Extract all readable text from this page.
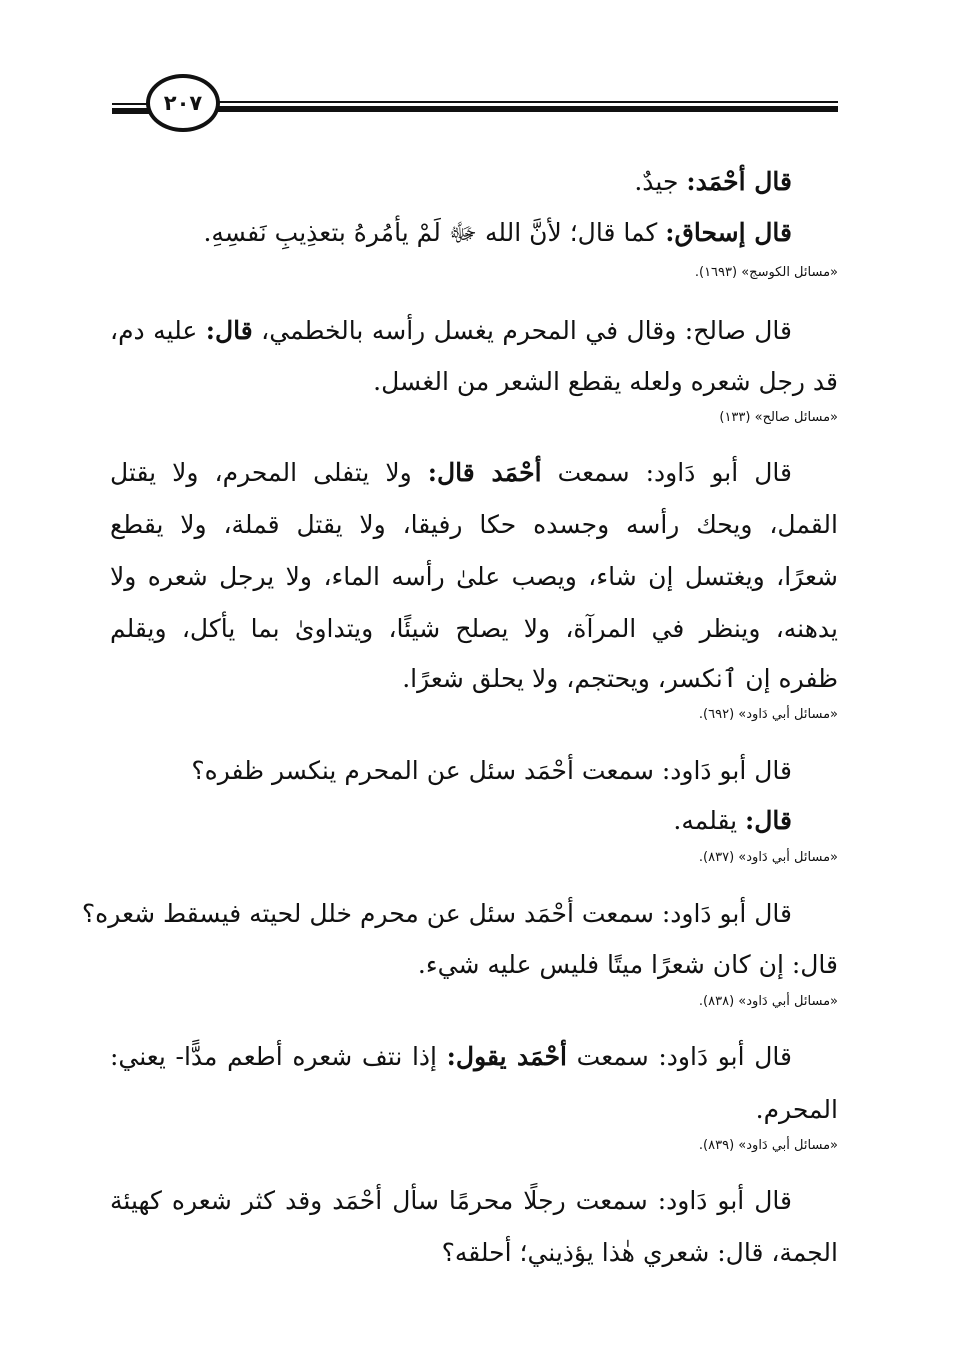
٢٠٧
قال أحْمَد: جيدٌ.
قال إسحاق: كما قال؛ لأنَّ الله ﷻ لَمْ يأمُرهُ بتعذِيبِ نَفسِهِ.
قال صالح: وقال في المحرم يغسل رأسه بالخطمي، قال: عليه دم،
قد رجل شعره ولعله يقطع الشعر من الغسل.
قال أبو دَاود: سمعت أحْمَد قال: ولا يتفلى المحرم، ولا يقتل
القمل، ويحك رأسه وجسده حكا رفيقا، ولا يقتل قملة، ولا يقطع
شعرًا، ويغتسل إن شاء، ويصب علىٰ رأسه الماء، ولا يرجل شعره ولا
يدهنه، وينظر في المرآة، ولا يصلح شيئًا، ويتداوىٰ بما يأكل، ويقلم
ظفره إن ٱنكسر، ويحتجم، ولا يحلق شعرًا.
قال أبو دَاود: سمعت أحْمَد سئل عن المحرم ينكسر ظفره؟
قال: يقلمه.
قال أبو دَاود: سمعت أحْمَد سئل عن محرم خلل لحيته فيسقط شعره؟
قال: إن كان شعرًا ميتًا فليس عليه شيء.
قال أبو دَاود: سمعت أحْمَد يقول: إذا نتف شعره أطعم مدًّا- يعني:
المحرم.
قال أبو دَاود: سمعت رجلًا محرمًا سأل أحْمَد وقد كثر شعره كهيئة
الجمة، قال: شعري هٰذا يؤذيني؛ أحلقه؟
«مسائل الكوسج» (١٦٩٣).
«مسائل صالح» (١٣٣)
«مسائل أبي دَاود» (٦٩٢).
«مسائل أبي دَاود» (٨٣٧).
«مسائل أبي دَاود» (٨٣٨).
«مسائل أبي دَاود» (٨٣٩).
